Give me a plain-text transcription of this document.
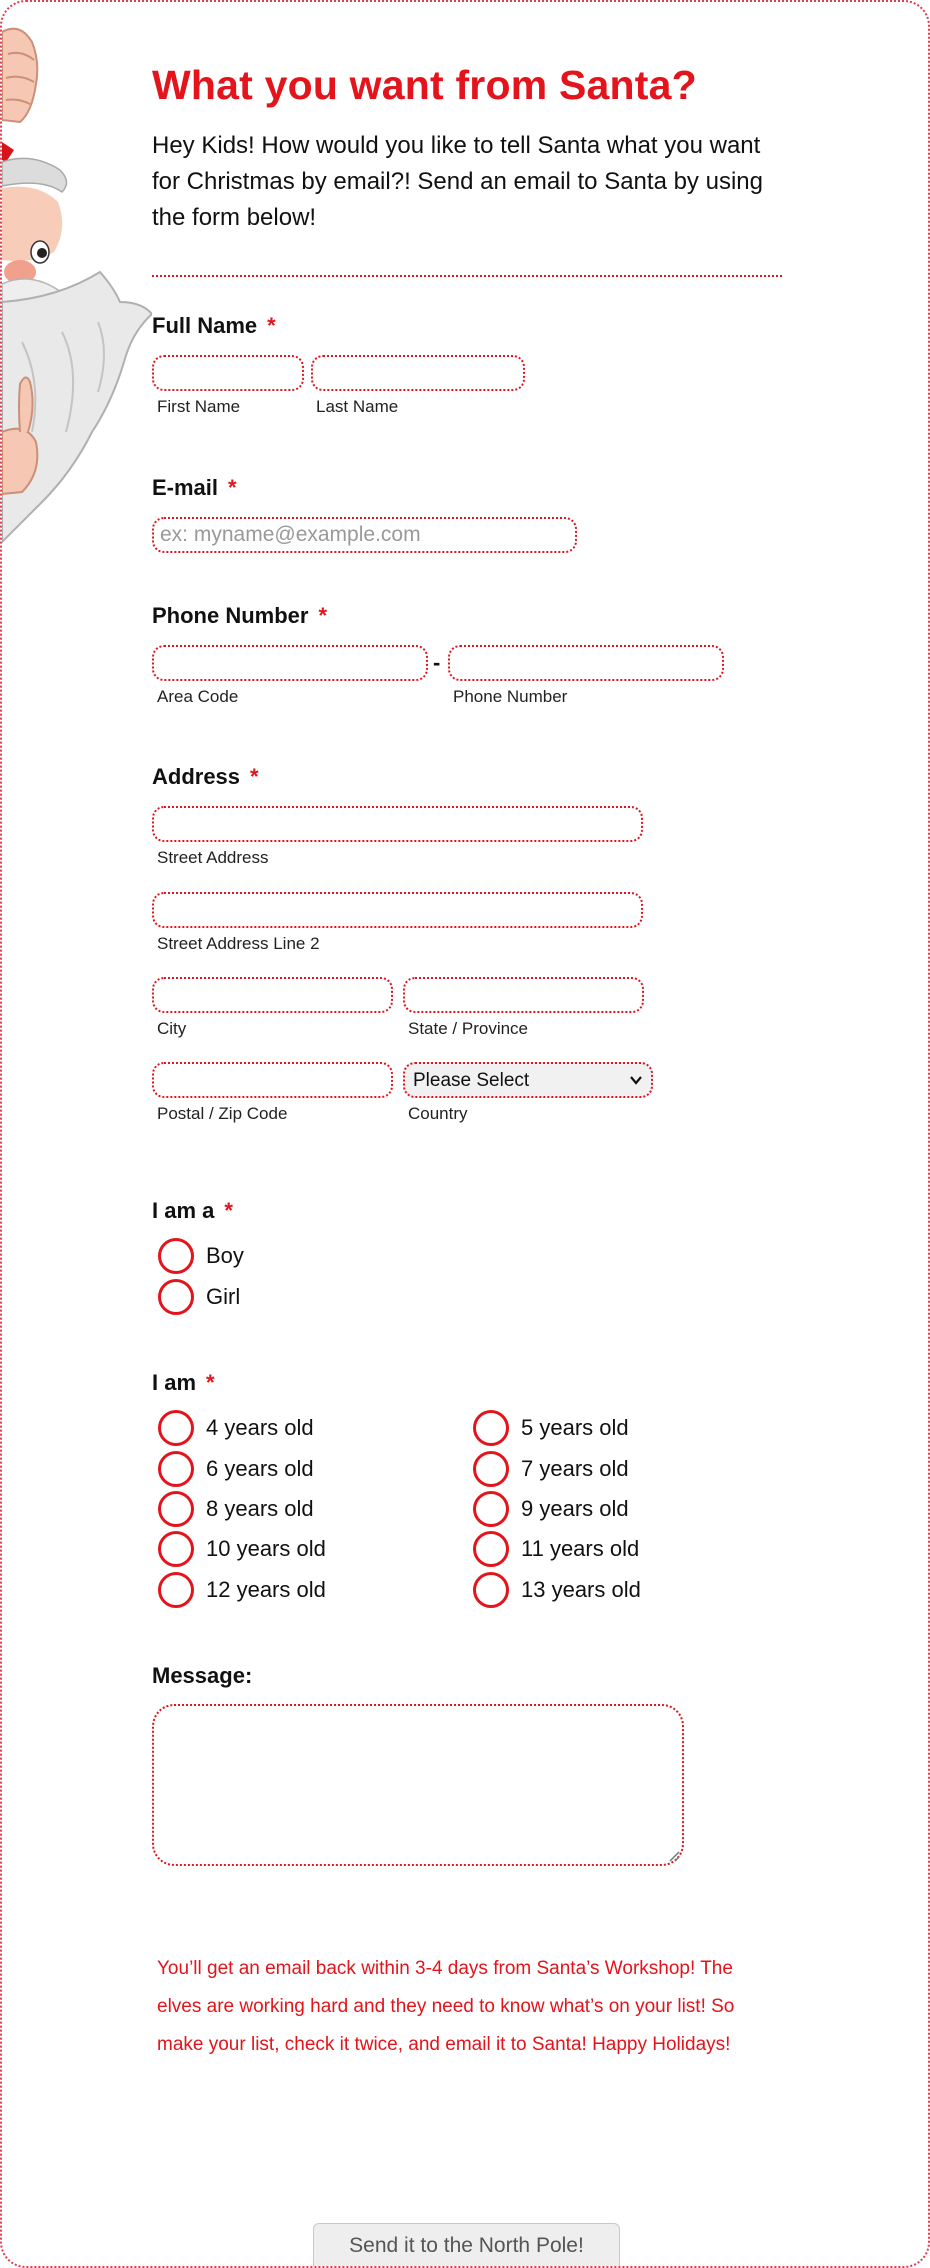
What you want from Santa?

Hey Kids! How would you like to tell Santa what you want for Christmas by email?! Send an email to Santa by using the form below!

Full Name *
First Name	Last Name
E-mail *
ex: myname@example.com
Phone Number *
-
Area Code	Phone Number
Address *
Street Address
Street Address Line 2
City	State / Province
Please Select
Postal / Zip Code	Country
I am a *
Boy
Girl
I am *
4 years old	5 years old
6 years old	7 years old
8 years old	9 years old
10 years old	11 years old
12 years old	13 years old
Message:

You’ll get an email back within 3-4 days from Santa’s Workshop! The elves are working hard and they need to know what’s on your list! So make your list, check it twice, and email it to Santa! Happy Holidays!

Send it to the North Pole!
